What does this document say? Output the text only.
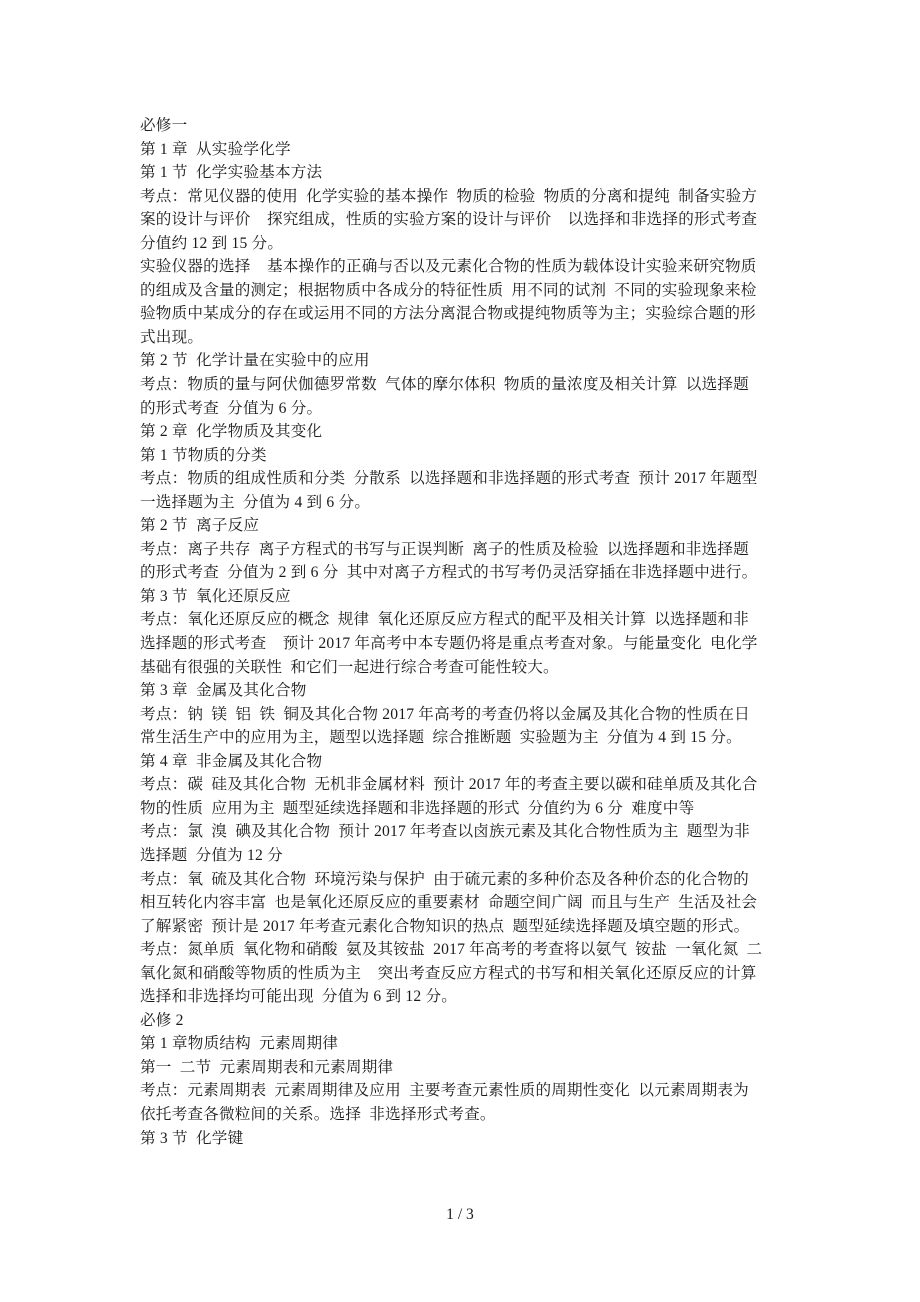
必修一
第 1 章  从实验学化学
第 1 节  化学实验基本方法
考点：常见仪器的使用  化学实验的基本操作  物质的检验  物质的分离和提纯  制备实验方
案的设计与评价    探究组成，性质的实验方案的设计与评价    以选择和非选择的形式考查
分值约 12 到 15 分。
实验仪器的选择    基本操作的正确与否以及元素化合物的性质为载体设计实验来研究物质
的组成及含量的测定；根据物质中各成分的特征性质  用不同的试剂  不同的实验现象来检
验物质中某成分的存在或运用不同的方法分离混合物或提纯物质等为主；实验综合题的形
式出现。
第 2 节  化学计量在实验中的应用
考点：物质的量与阿伏伽德罗常数  气体的摩尔体积  物质的量浓度及相关计算  以选择题
的形式考查  分值为 6 分。
第 2 章  化学物质及其变化
第 1 节物质的分类
考点：物质的组成性质和分类  分散系  以选择题和非选择题的形式考查  预计 2017 年题型
一选择题为主  分值为 4 到 6 分。
第 2 节  离子反应
考点：离子共存  离子方程式的书写与正误判断  离子的性质及检验  以选择题和非选择题
的形式考查  分值为 2 到 6 分  其中对离子方程式的书写考仍灵活穿插在非选择题中进行。
第 3 节  氧化还原反应
考点：氧化还原反应的概念  规律  氧化还原反应方程式的配平及相关计算  以选择题和非
选择题的形式考查    预计 2017 年高考中本专题仍将是重点考查对象。与能量变化  电化学
基础有很强的关联性  和它们一起进行综合考查可能性较大。
第 3 章  金属及其化合物
考点：钠  镁  铝  铁  铜及其化合物 2017 年高考的考查仍将以金属及其化合物的性质在日
常生活生产中的应用为主，题型以选择题  综合推断题  实验题为主  分值为 4 到 15 分。
第 4 章  非金属及其化合物
考点：碳  硅及其化合物  无机非金属材料  预计 2017 年的考查主要以碳和硅单质及其化合
物的性质  应用为主  题型延续选择题和非选择题的形式  分值约为 6 分  难度中等
考点：氯  溴  碘及其化合物  预计 2017 年考查以卤族元素及其化合物性质为主  题型为非
选择题  分值为 12 分
考点：氧  硫及其化合物  环境污染与保护  由于硫元素的多种价态及各种价态的化合物的
相互转化内容丰富  也是氧化还原反应的重要素材  命题空间广阔  而且与生产  生活及社会
了解紧密  预计是 2017 年考查元素化合物知识的热点  题型延续选择题及填空题的形式。
考点：氮单质  氧化物和硝酸  氨及其铵盐  2017 年高考的考查将以氨气  铵盐  一氧化氮  二
氧化氮和硝酸等物质的性质为主    突出考查反应方程式的书写和相关氧化还原反应的计算
选择和非选择均可能出现  分值为 6 到 12 分。
必修 2
第 1 章物质结构  元素周期律
第一  二节  元素周期表和元素周期律
考点：元素周期表  元素周期律及应用  主要考查元素性质的周期性变化  以元素周期表为
依托考查各微粒间的关系。选择  非选择形式考查。
第 3 节  化学键
1 / 3
